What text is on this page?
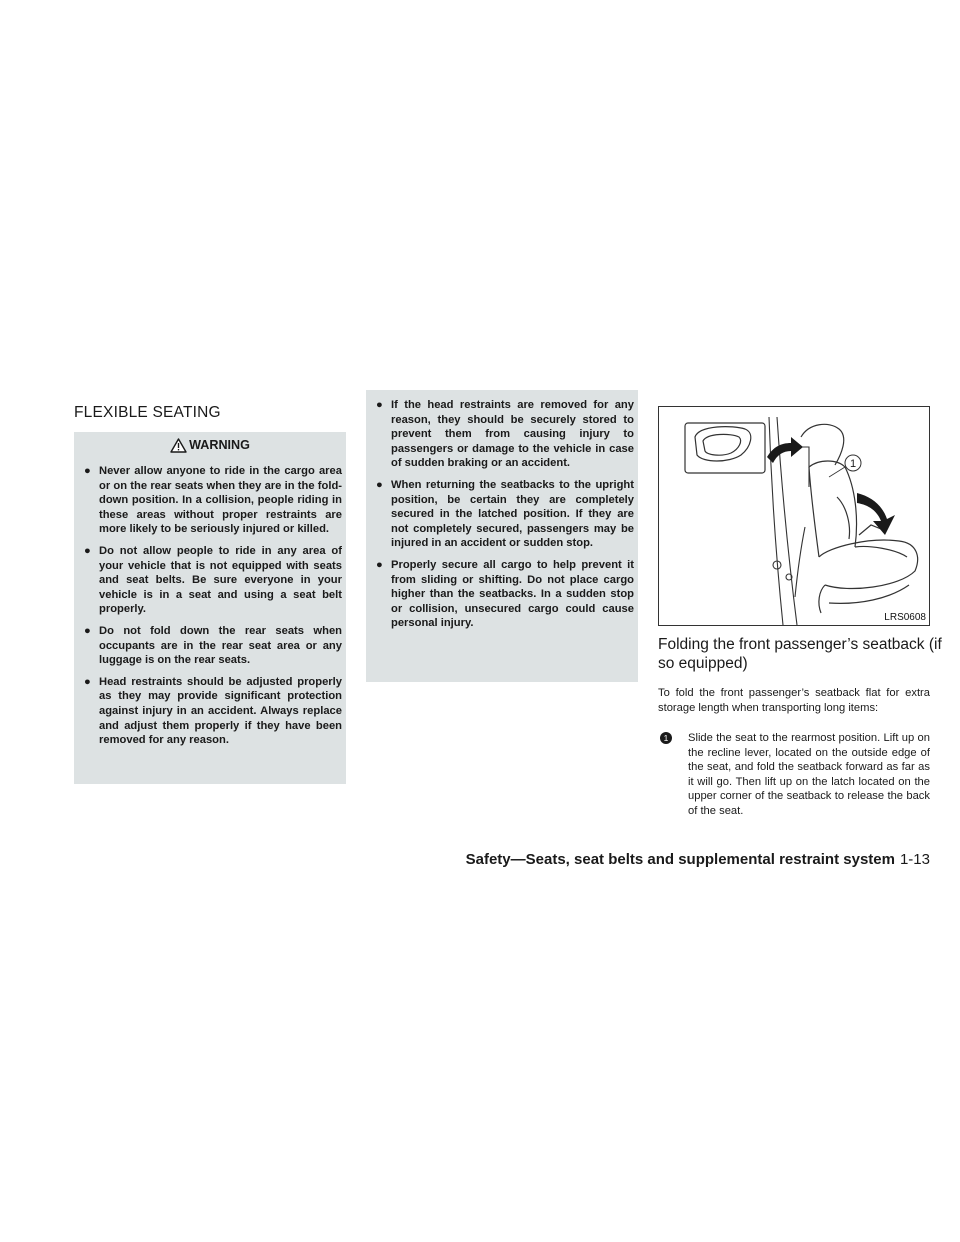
FLEXIBLE SEATING
WARNING
● Never allow anyone to ride in the cargo area or on the rear seats when they are in the fold-down position. In a collision, people riding in these areas without proper restraints are more likely to be seriously injured or killed.
● Do not allow people to ride in any area of your vehicle that is not equipped with seats and seat belts. Be sure everyone in your vehicle is in a seat and using a seat belt properly.
● Do not fold down the rear seats when occupants are in the rear seat area or any luggage is on the rear seats.
● Head restraints should be adjusted properly as they may provide significant protection against injury in an accident. Always replace and adjust them properly if they have been removed for any reason.
● If the head restraints are removed for any reason, they should be securely stored to prevent them from causing injury to passengers or damage to the vehicle in case of sudden braking or an accident.
● When returning the seatbacks to the upright position, be certain they are completely secured in the latched position. If they are not completely secured, passengers may be injured in an accident or sudden stop.
● Properly secure all cargo to help prevent it from sliding or shifting. Do not place cargo higher than the seatbacks. In a sudden stop or collision, unsecured cargo could cause personal injury.
1
LRS0608
Folding the front passenger’s seatback (if so equipped)

To fold the front passenger’s seatback flat for extra storage length when transporting long items:

1	Slide the seat to the rearmost position. Lift up on the recline lever, located on the outside edge of the seat, and fold the seatback forward as far as it will go. Then lift up on the latch located on the upper corner of the seatback to release the back of the seat.
Safety—Seats, seat belts and supplemental restraint system 1-13
